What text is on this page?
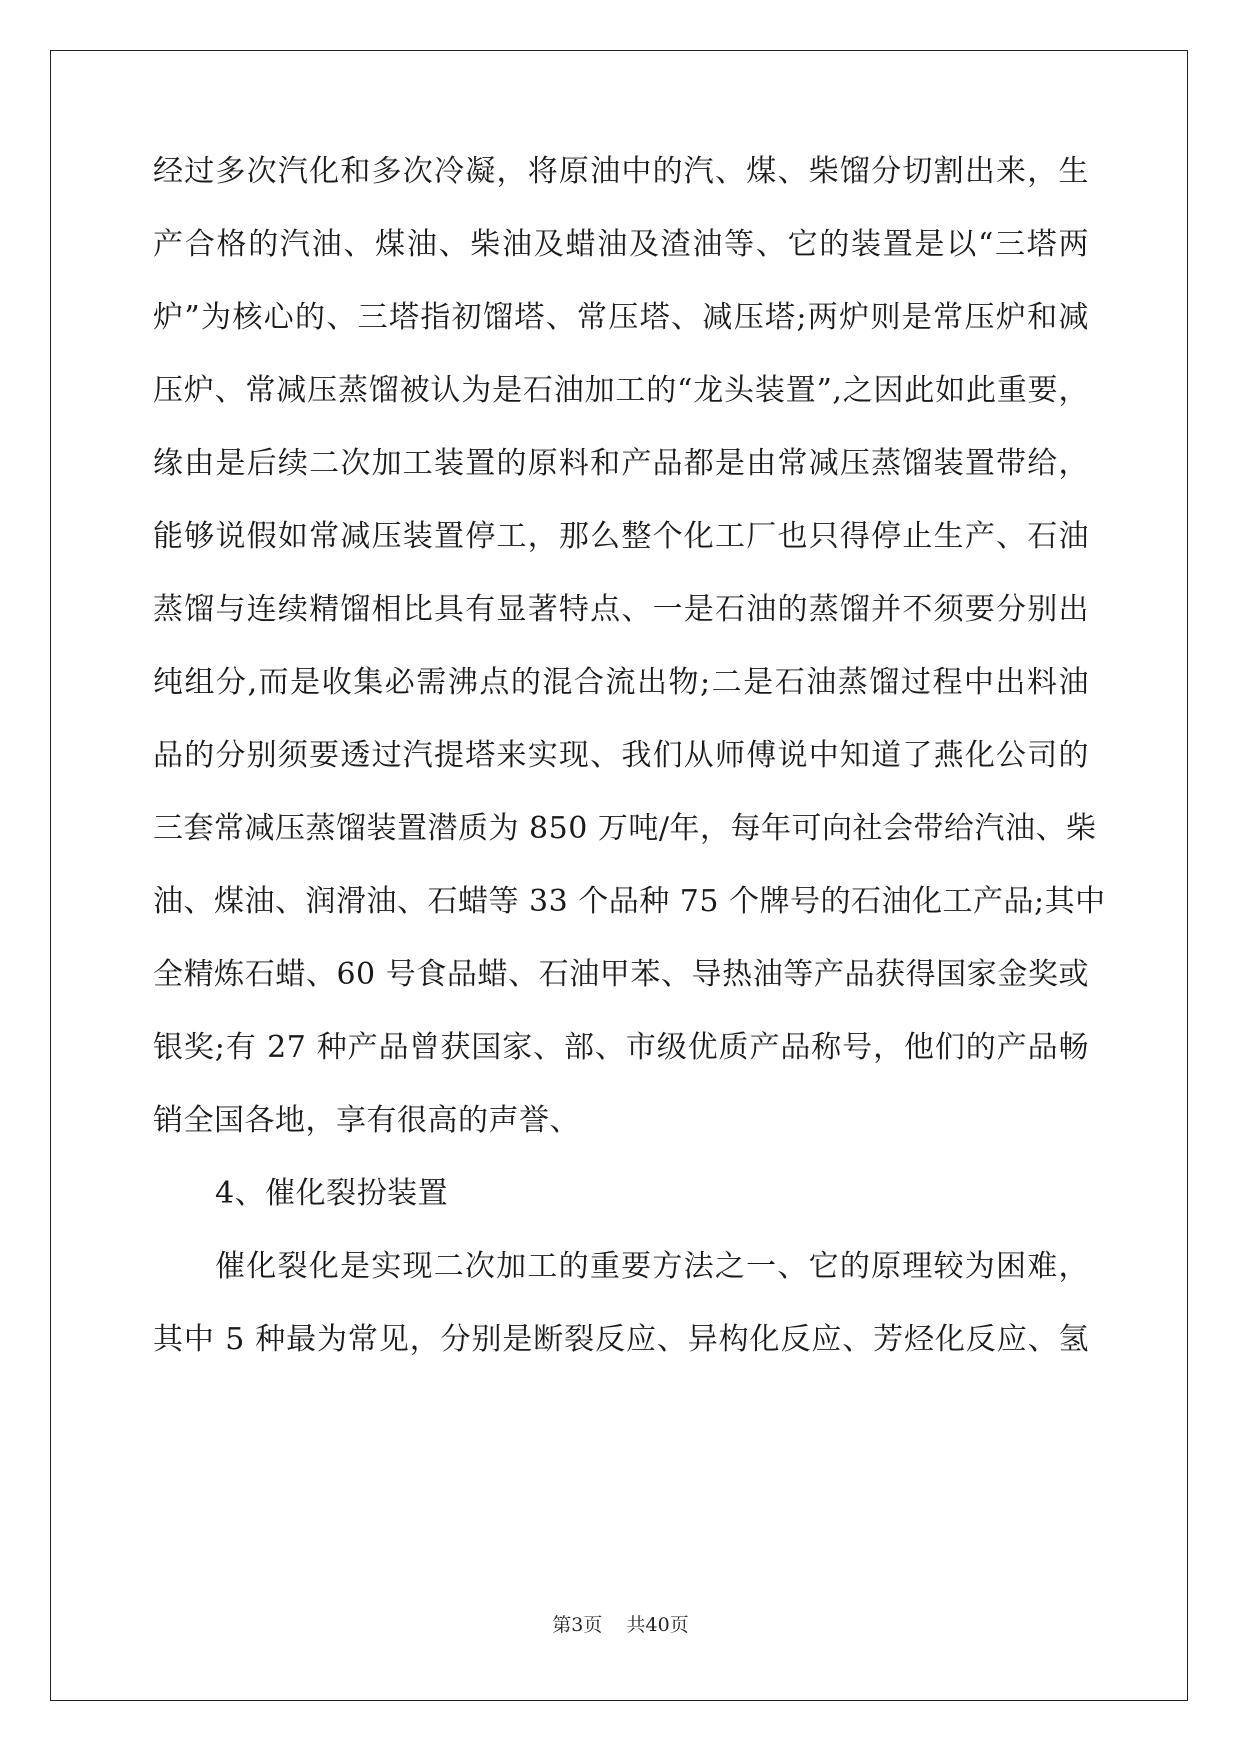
经过多次汽化和多次冷凝，将原油中的汽、煤、柴馏分切割出来，生
产合格的汽油、煤油、柴油及蜡油及渣油等、它的装置是以“三塔两
炉”为核心的、三塔指初馏塔、常压塔、减压塔;两炉则是常压炉和减
压炉、常减压蒸馏被认为是石油加工的“龙头装置”,之因此如此重要，
缘由是后续二次加工装置的原料和产品都是由常减压蒸馏装置带给，
能够说假如常减压装置停工，那么整个化工厂也只得停止生产、石油
蒸馏与连续精馏相比具有显著特点、一是石油的蒸馏并不须要分别出
纯组分,而是收集必需沸点的混合流出物;二是石油蒸馏过程中出料油
品的分别须要透过汽提塔来实现、我们从师傅说中知道了燕化公司的
三套常减压蒸馏装置潜质为 850 万吨/年，每年可向社会带给汽油、柴
油、煤油、润滑油、石蜡等 33 个品种 75 个牌号的石油化工产品;其中
全精炼石蜡、60 号食品蜡、石油甲苯、导热油等产品获得国家金奖或
银奖;有 27 种产品曾获国家、部、市级优质产品称号，他们的产品畅
销全国各地，享有很高的声誉、
4、催化裂扮装置
催化裂化是实现二次加工的重要方法之一、它的原理较为困难，
其中 5 种最为常见，分别是断裂反应、异构化反应、芳烃化反应、氢
第3页 共40页
